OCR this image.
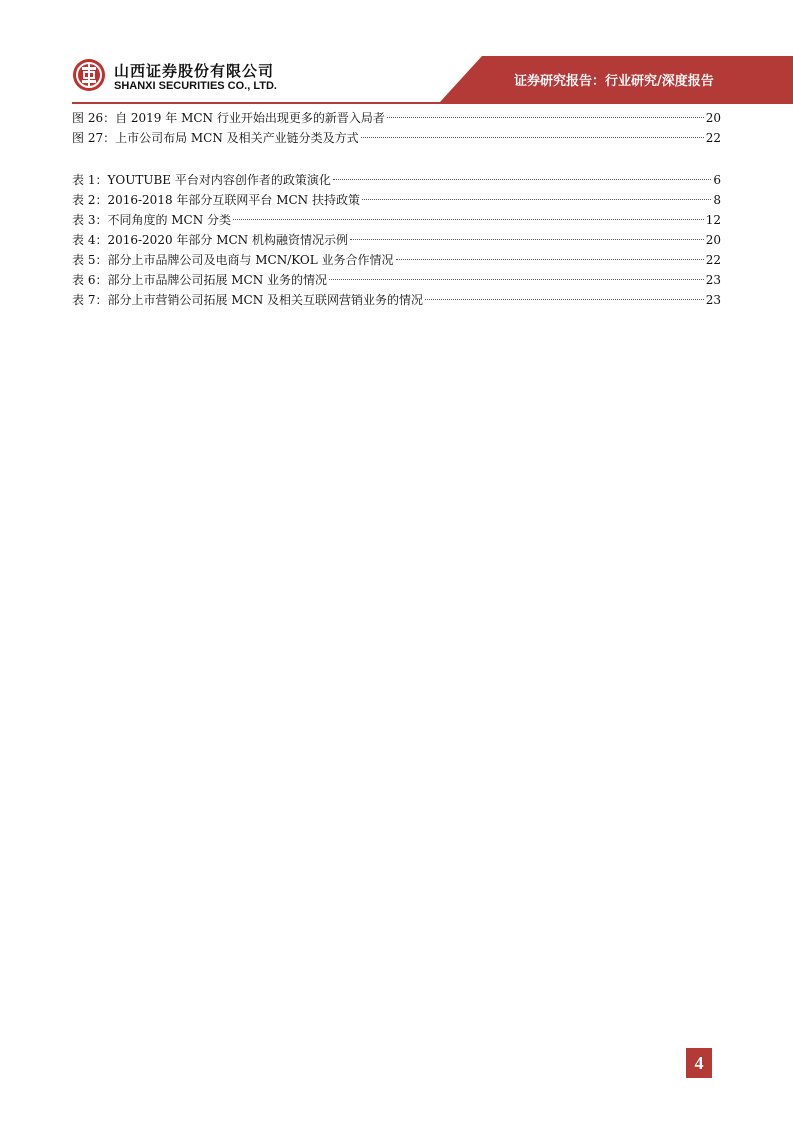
山西证券股份有限公司
SHANXI SECURITIES CO., LTD.	证券研究报告：行业研究/深度报告
图 26：自 2019 年 MCN 行业开始出现更多的新晋入局者	20
图 27：上市公司布局 MCN 及相关产业链分类及方式	22
表 1：YOUTUBE 平台对内容创作者的政策演化	6
表 2：2016-2018 年部分互联网平台 MCN 扶持政策	8
表 3：不同角度的 MCN 分类	12
表 4：2016-2020 年部分 MCN 机构融资情况示例	20
表 5：部分上市品牌公司及电商与 MCN/KOL 业务合作情况	22
表 6：部分上市品牌公司拓展 MCN 业务的情况	23
表 7：部分上市营销公司拓展 MCN 及相关互联网营销业务的情况	23
4
